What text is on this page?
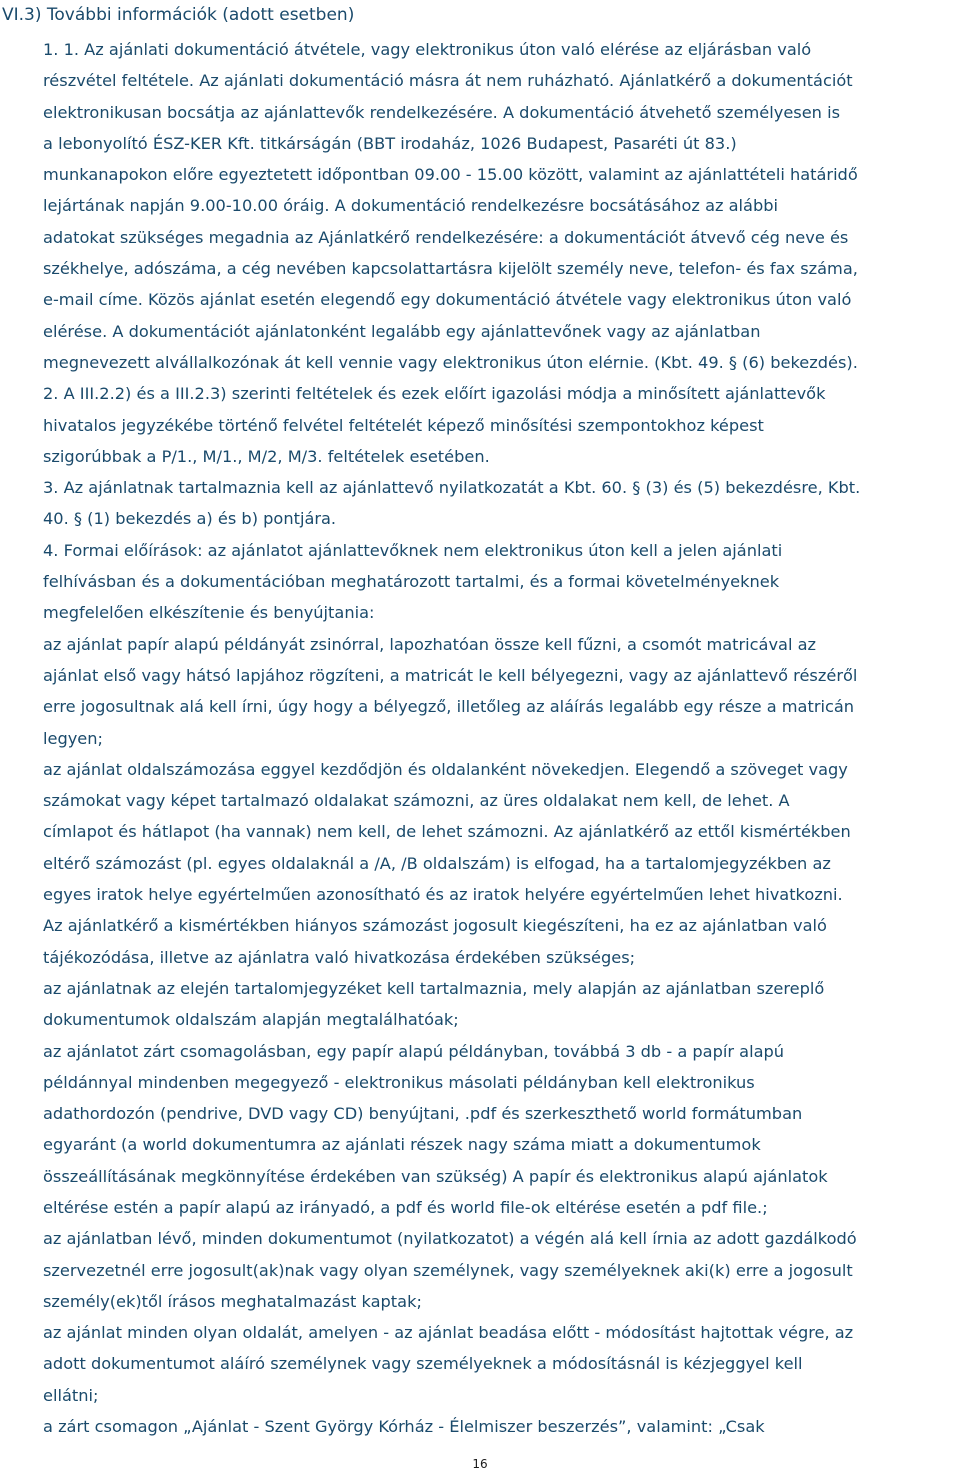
VI.3) További információk (adott esetben)
1. 1. Az ajánlati dokumentáció átvétele, vagy elektronikus úton való elérése az eljárásban való
részvétel feltétele. Az ajánlati dokumentáció másra át nem ruházható. Ajánlatkérő a dokumentációt
elektronikusan bocsátja az ajánlattevők rendelkezésére. A dokumentáció átvehető személyesen is
a lebonyolító ÉSZ-KER Kft. titkárságán (BBT irodaház, 1026 Budapest, Pasaréti út 83.)
munkanapokon előre egyeztetett időpontban 09.00 - 15.00 között, valamint az ajánlattételi határidő
lejártának napján 9.00-10.00 óráig. A dokumentáció rendelkezésre bocsátásához az alábbi
adatokat szükséges megadnia az Ajánlatkérő rendelkezésére: a dokumentációt átvevő cég neve és
székhelye, adószáma, a cég nevében kapcsolattartásra kijelölt személy neve, telefon- és fax száma,
e-mail címe. Közös ajánlat esetén elegendő egy dokumentáció átvétele vagy elektronikus úton való
elérése. A dokumentációt ajánlatonként legalább egy ajánlattevőnek vagy az ajánlatban
megnevezett alvállalkozónak át kell vennie vagy elektronikus úton elérnie. (Kbt. 49. § (6) bekezdés).
2. A III.2.2) és a III.2.3) szerinti feltételek és ezek előírt igazolási módja a minősített ajánlattevők
hivatalos jegyzékébe történő felvétel feltételét képező minősítési szempontokhoz képest
szigorúbbak a P/1., M/1., M/2, M/3. feltételek esetében.
3. Az ajánlatnak tartalmaznia kell az ajánlattevő nyilatkozatát a Kbt. 60. § (3) és (5) bekezdésre, Kbt.
40. § (1) bekezdés a) és b) pontjára.
4. Formai előírások: az ajánlatot ajánlattevőknek nem elektronikus úton kell a jelen ajánlati
felhívásban és a dokumentációban meghatározott tartalmi, és a formai követelményeknek
megfelelően elkészítenie és benyújtania:
az ajánlat papír alapú példányát zsinórral, lapozhatóan össze kell fűzni, a csomót matricával az
ajánlat első vagy hátsó lapjához rögzíteni, a matricát le kell bélyegezni, vagy az ajánlattevő részéről
erre jogosultnak alá kell írni, úgy hogy a bélyegző, illetőleg az aláírás legalább egy része a matricán
legyen;
az ajánlat oldalszámozása eggyel kezdődjön és oldalanként növekedjen. Elegendő a szöveget vagy
számokat vagy képet tartalmazó oldalakat számozni, az üres oldalakat nem kell, de lehet. A
címlapot és hátlapot (ha vannak) nem kell, de lehet számozni. Az ajánlatkérő az ettől kismértékben
eltérő számozást (pl. egyes oldalaknál a /A, /B oldalszám) is elfogad, ha a tartalomjegyzékben az
egyes iratok helye egyértelműen azonosítható és az iratok helyére egyértelműen lehet hivatkozni.
Az ajánlatkérő a kismértékben hiányos számozást jogosult kiegészíteni, ha ez az ajánlatban való
tájékozódása, illetve az ajánlatra való hivatkozása érdekében szükséges;
az ajánlatnak az elején tartalomjegyzéket kell tartalmaznia, mely alapján az ajánlatban szereplő
dokumentumok oldalszám alapján megtalálhatóak;
az ajánlatot zárt csomagolásban, egy papír alapú példányban, továbbá 3 db - a papír alapú
példánnyal mindenben megegyező - elektronikus másolati példányban kell elektronikus
adathordozón (pendrive, DVD vagy CD) benyújtani, .pdf és szerkeszthető world formátumban
egyaránt (a world dokumentumra az ajánlati részek nagy száma miatt a dokumentumok
összeállításának megkönnyítése érdekében van szükség) A papír és elektronikus alapú ajánlatok
eltérése estén a papír alapú az irányadó, a pdf és world file-ok eltérése esetén a pdf file.;
az ajánlatban lévő, minden dokumentumot (nyilatkozatot) a végén alá kell írnia az adott gazdálkodó
szervezetnél erre jogosult(ak)nak vagy olyan személynek, vagy személyeknek aki(k) erre a jogosult
személy(ek)től írásos meghatalmazást kaptak;
az ajánlat minden olyan oldalát, amelyen - az ajánlat beadása előtt - módosítást hajtottak végre, az
adott dokumentumot aláíró személynek vagy személyeknek a módosításnál is kézjeggyel kell
ellátni;
a zárt csomagon „Ajánlat - Szent György Kórház - Élelmiszer beszerzés”, valamint: „Csak
16
